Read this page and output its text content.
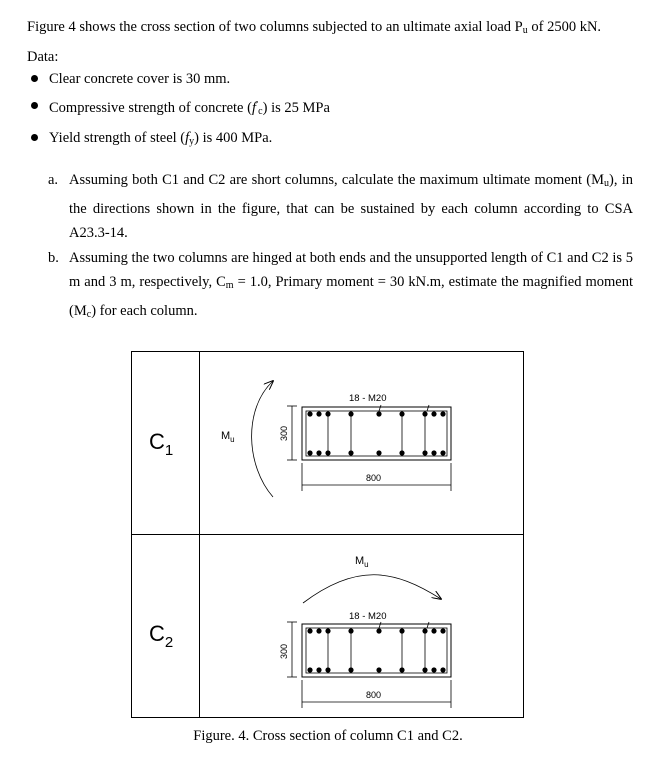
Figure 4 shows the cross section of two columns subjected to an ultimate axial load $P_u$ of 2500 kN.

Data:

Clear concrete cover is 30 mm.
Compressive strength of concrete $(f'_c)$ is 25 MPa
Yield strength of steel $(f_y)$ is 400 MPa.
a. Assuming both C1 and C2 are short columns, calculate the maximum ultimate moment $(M_u)$, in the directions shown in the figure, that can be sustained by each column according to CSA A23.3-14.
b. Assuming the two columns are hinged at both ends and the unsupported length of C1 and C2 is 5 m and 3 m, respectively, $C_m = 1.0$, Primary moment = 30 kN.m, estimate the magnified moment $(M_c)$ for each column.
$C_1$
$C_2$
$M_u$	300
18 - M20
800
$M_u$
300
18 - M20
800
Figure. 4. Cross section of column C1 and C2.
